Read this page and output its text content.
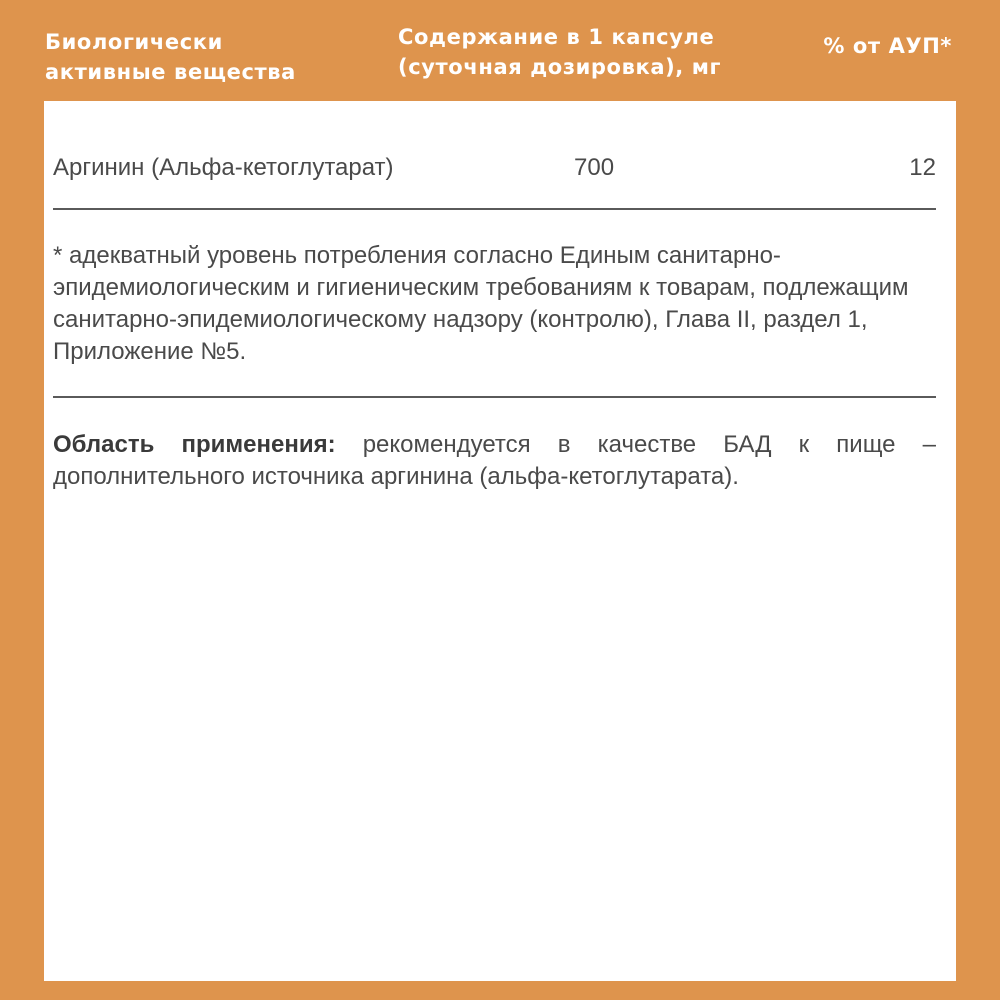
Биологически активные вещества
Содержание в 1 капсуле (суточная дозировка), мг
% от АУП*
Аргинин (Альфа-кетоглутарат)	700	12

* адекватный уровень потребления согласно Единым санитарно-эпидемиологическим и гигиеническим требованиям к товарам, подлежащим санитарно-эпидемиологическому надзору (контролю), Глава II, раздел 1, Приложение №5.

Область применения: рекомендуется в качестве БАД к пище – дополнительного источника аргинина (альфа-кетоглутарата).
